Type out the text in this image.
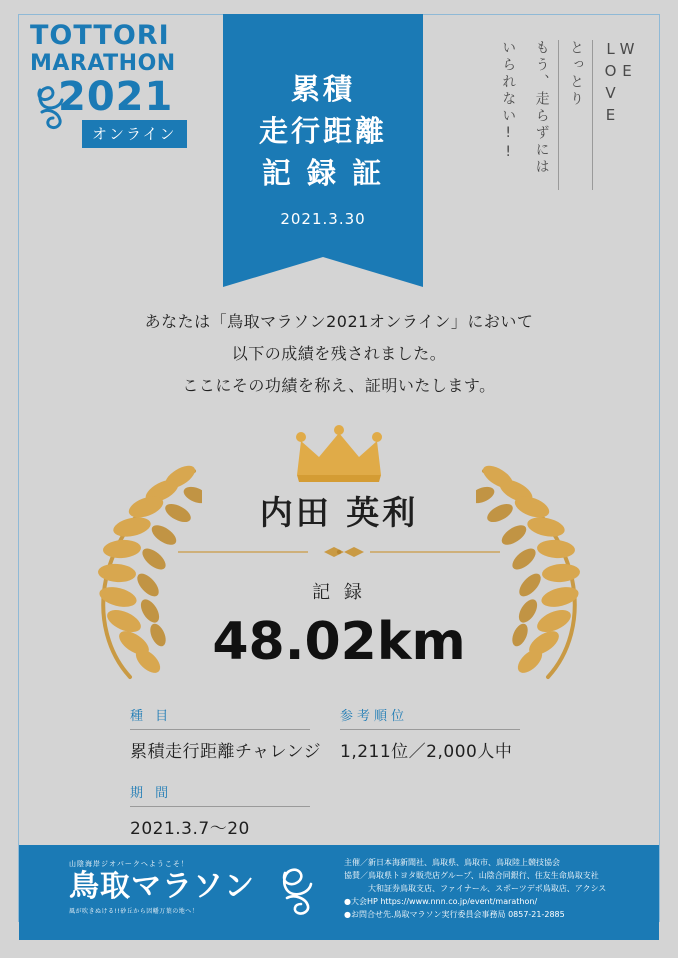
TOTTORI
MARATHON
2021
オンライン
累積
走行距離
記 録 証
2021.3.30
いられない!!	もう、走らずには	とっとり	WE LOVE
あなたは「鳥取マラソン2021オンライン」において
以下の成績を残されました。
ここにその功績を称え、証明いたします。
内田 英利
記 録
48.02km
種 目
累積走行距離チャレンジ
参考順位
1,211位／2,000人中
期 間
2021.3.7〜20
山陰海岸ジオパークへようこそ！
鳥取マラソン
風が吹きぬける!!砂丘から因幡万葉の地へ！
主催／新日本海新聞社、鳥取県、鳥取市、鳥取陸上競技協会
協賛／鳥取県トヨタ販売店グループ、山陰合同銀行、住友生命鳥取支社
　　　大和証券鳥取支店、ファイナール、スポーツデポ鳥取店、アクシス
●大会HP https://www.nnn.co.jp/event/marathon/
●お問合せ先.鳥取マラソン実行委員会事務局 0857-21-2885
